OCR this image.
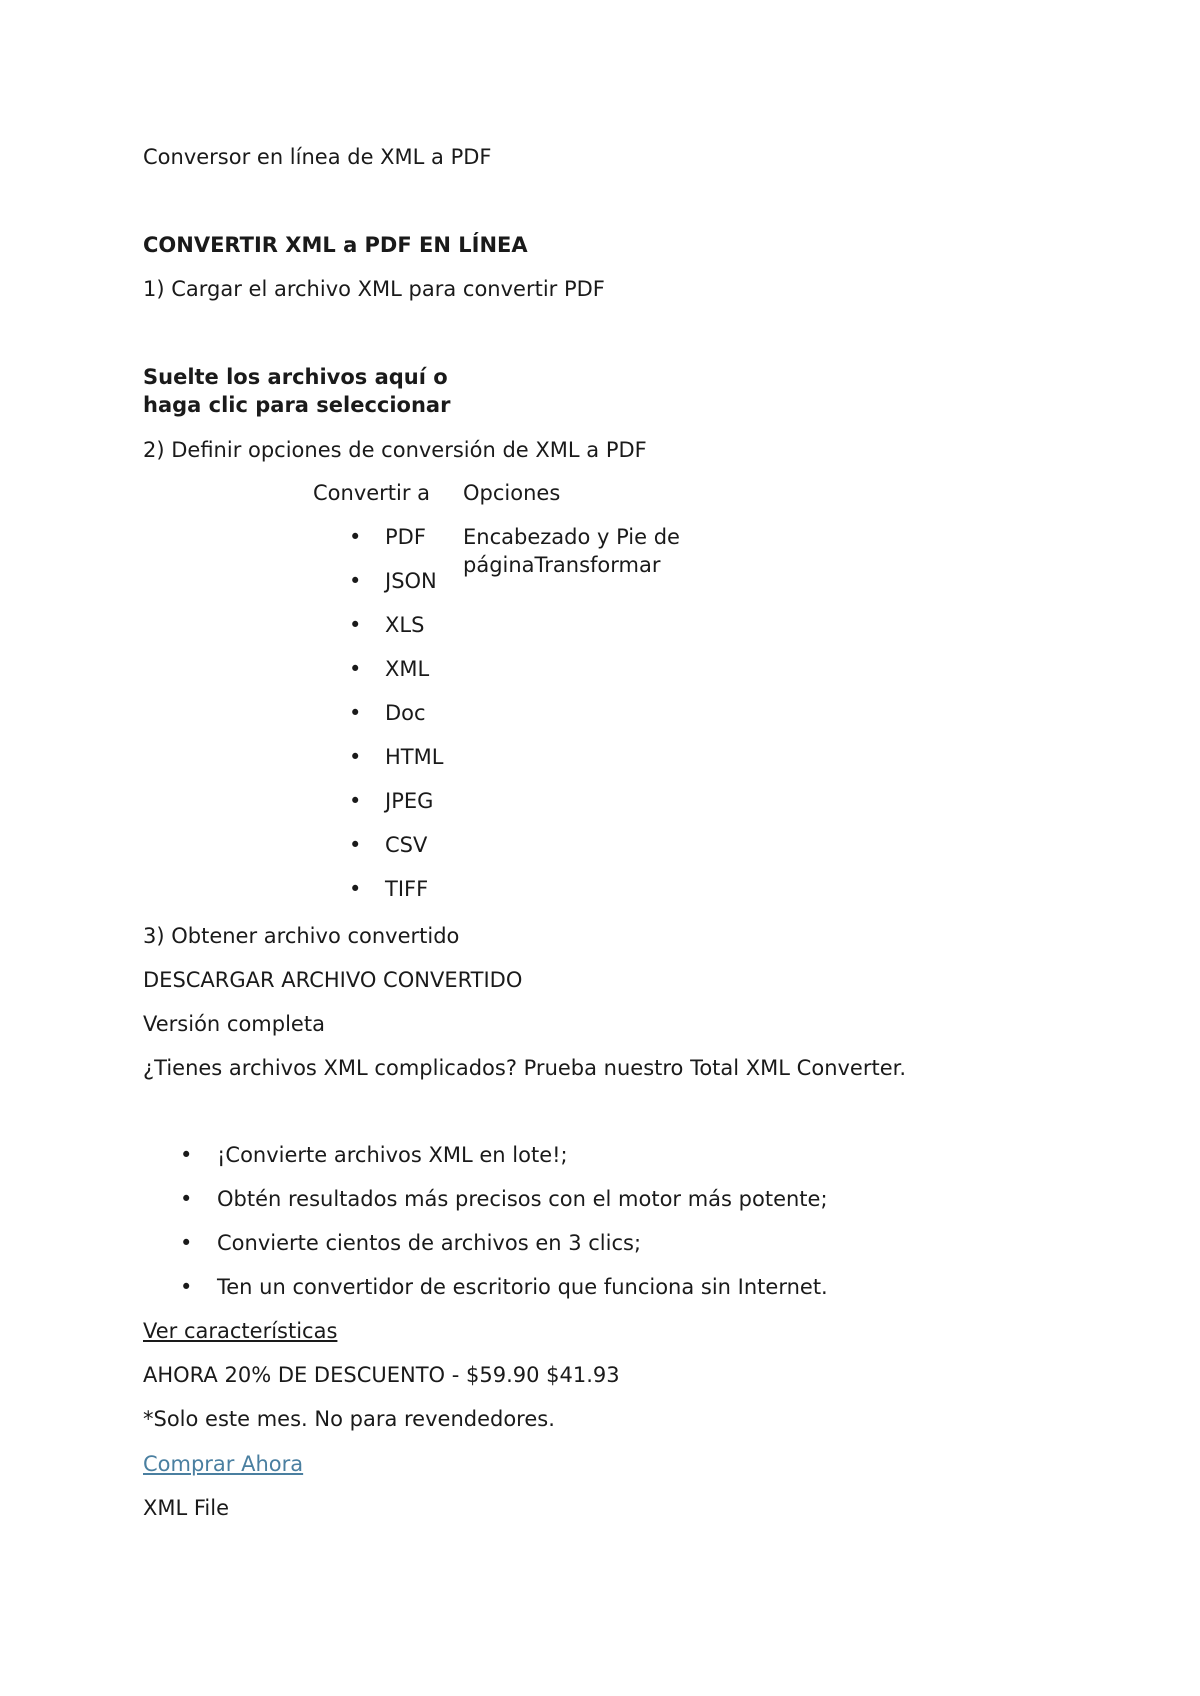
Conversor en línea de XML a PDF
CONVERTIR XML a PDF EN LÍNEA
1) Cargar el archivo XML para convertir PDF
Suelte los archivos aquí o
haga clic para seleccionar
2) Definir opciones de conversión de XML a PDF
Convertir a Opciones
• PDF
• JSON
• XLS
• XML
• Doc
• HTML
• JPEG
• CSV
• TIFF
Encabezado y Pie de páginaTransformar
3) Obtener archivo convertido
DESCARGAR ARCHIVO CONVERTIDO
Versión completa
¿Tienes archivos XML complicados? Prueba nuestro Total XML Converter.
• ¡Convierte archivos XML en lote!;
• Obtén resultados más precisos con el motor más potente;
• Convierte cientos de archivos en 3 clics;
• Ten un convertidor de escritorio que funciona sin Internet.
Ver características
AHORA 20% DE DESCUENTO - $59.90 $41.93
*Solo este mes. No para revendedores.
Comprar Ahora
XML File
